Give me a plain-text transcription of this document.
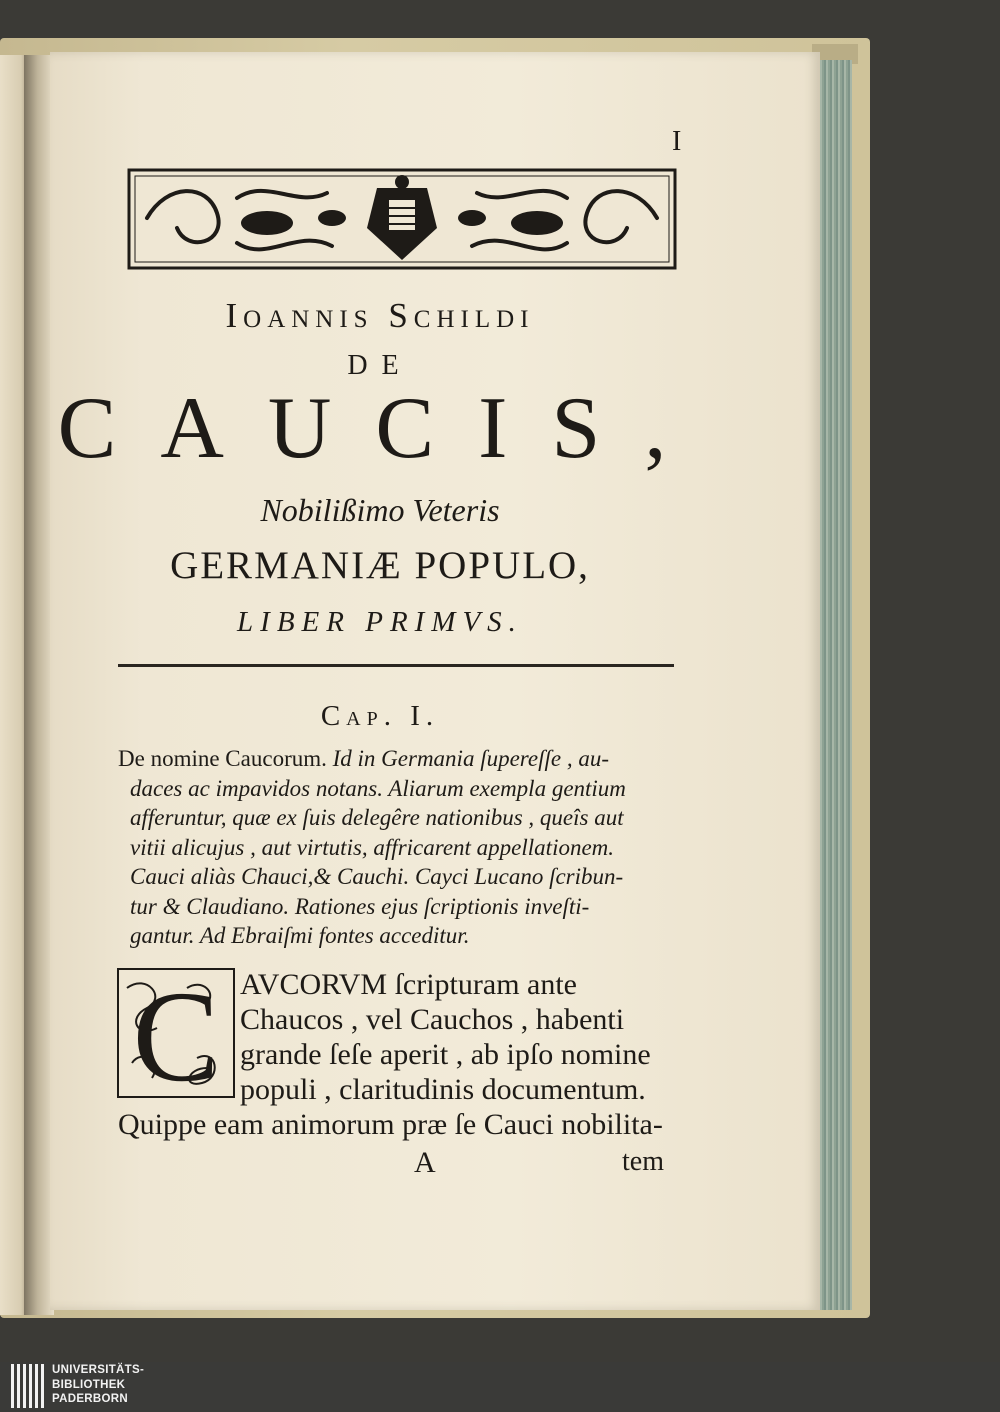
I
Ioannis Schildi
DE
CAUCIS,
Nobilißimo Veteris
GERMANIÆ POPULO,
LIBER PRIMVS.
Cap. I.
De nomine Caucorum. Id in Germania ſupereſſe , au-
daces ac impavidos notans. Aliarum exempla gentium
afferuntur, quæ ex ſuis delegêre nationibus , queîs aut
vitii alicujus , aut virtutis, affricarent appellationem.
Cauci aliàs Chauci,& Cauchi. Cayci Lucano ſcribun-
tur & Claudiano. Rationes ejus ſcriptionis inveſti-
gantur. Ad Ebraiſmi fontes acceditur.
C AVCORVM ſcripturam ante
Chaucos , vel Cauchos , habenti
grande ſeſe aperit , ab ipſo nomine
populi , claritudinis documentum.
Quippe eam animorum præ ſe Cauci nobilita-
A	tem
UNIVERSITÄTS-
BIBLIOTHEK
PADERBORN
